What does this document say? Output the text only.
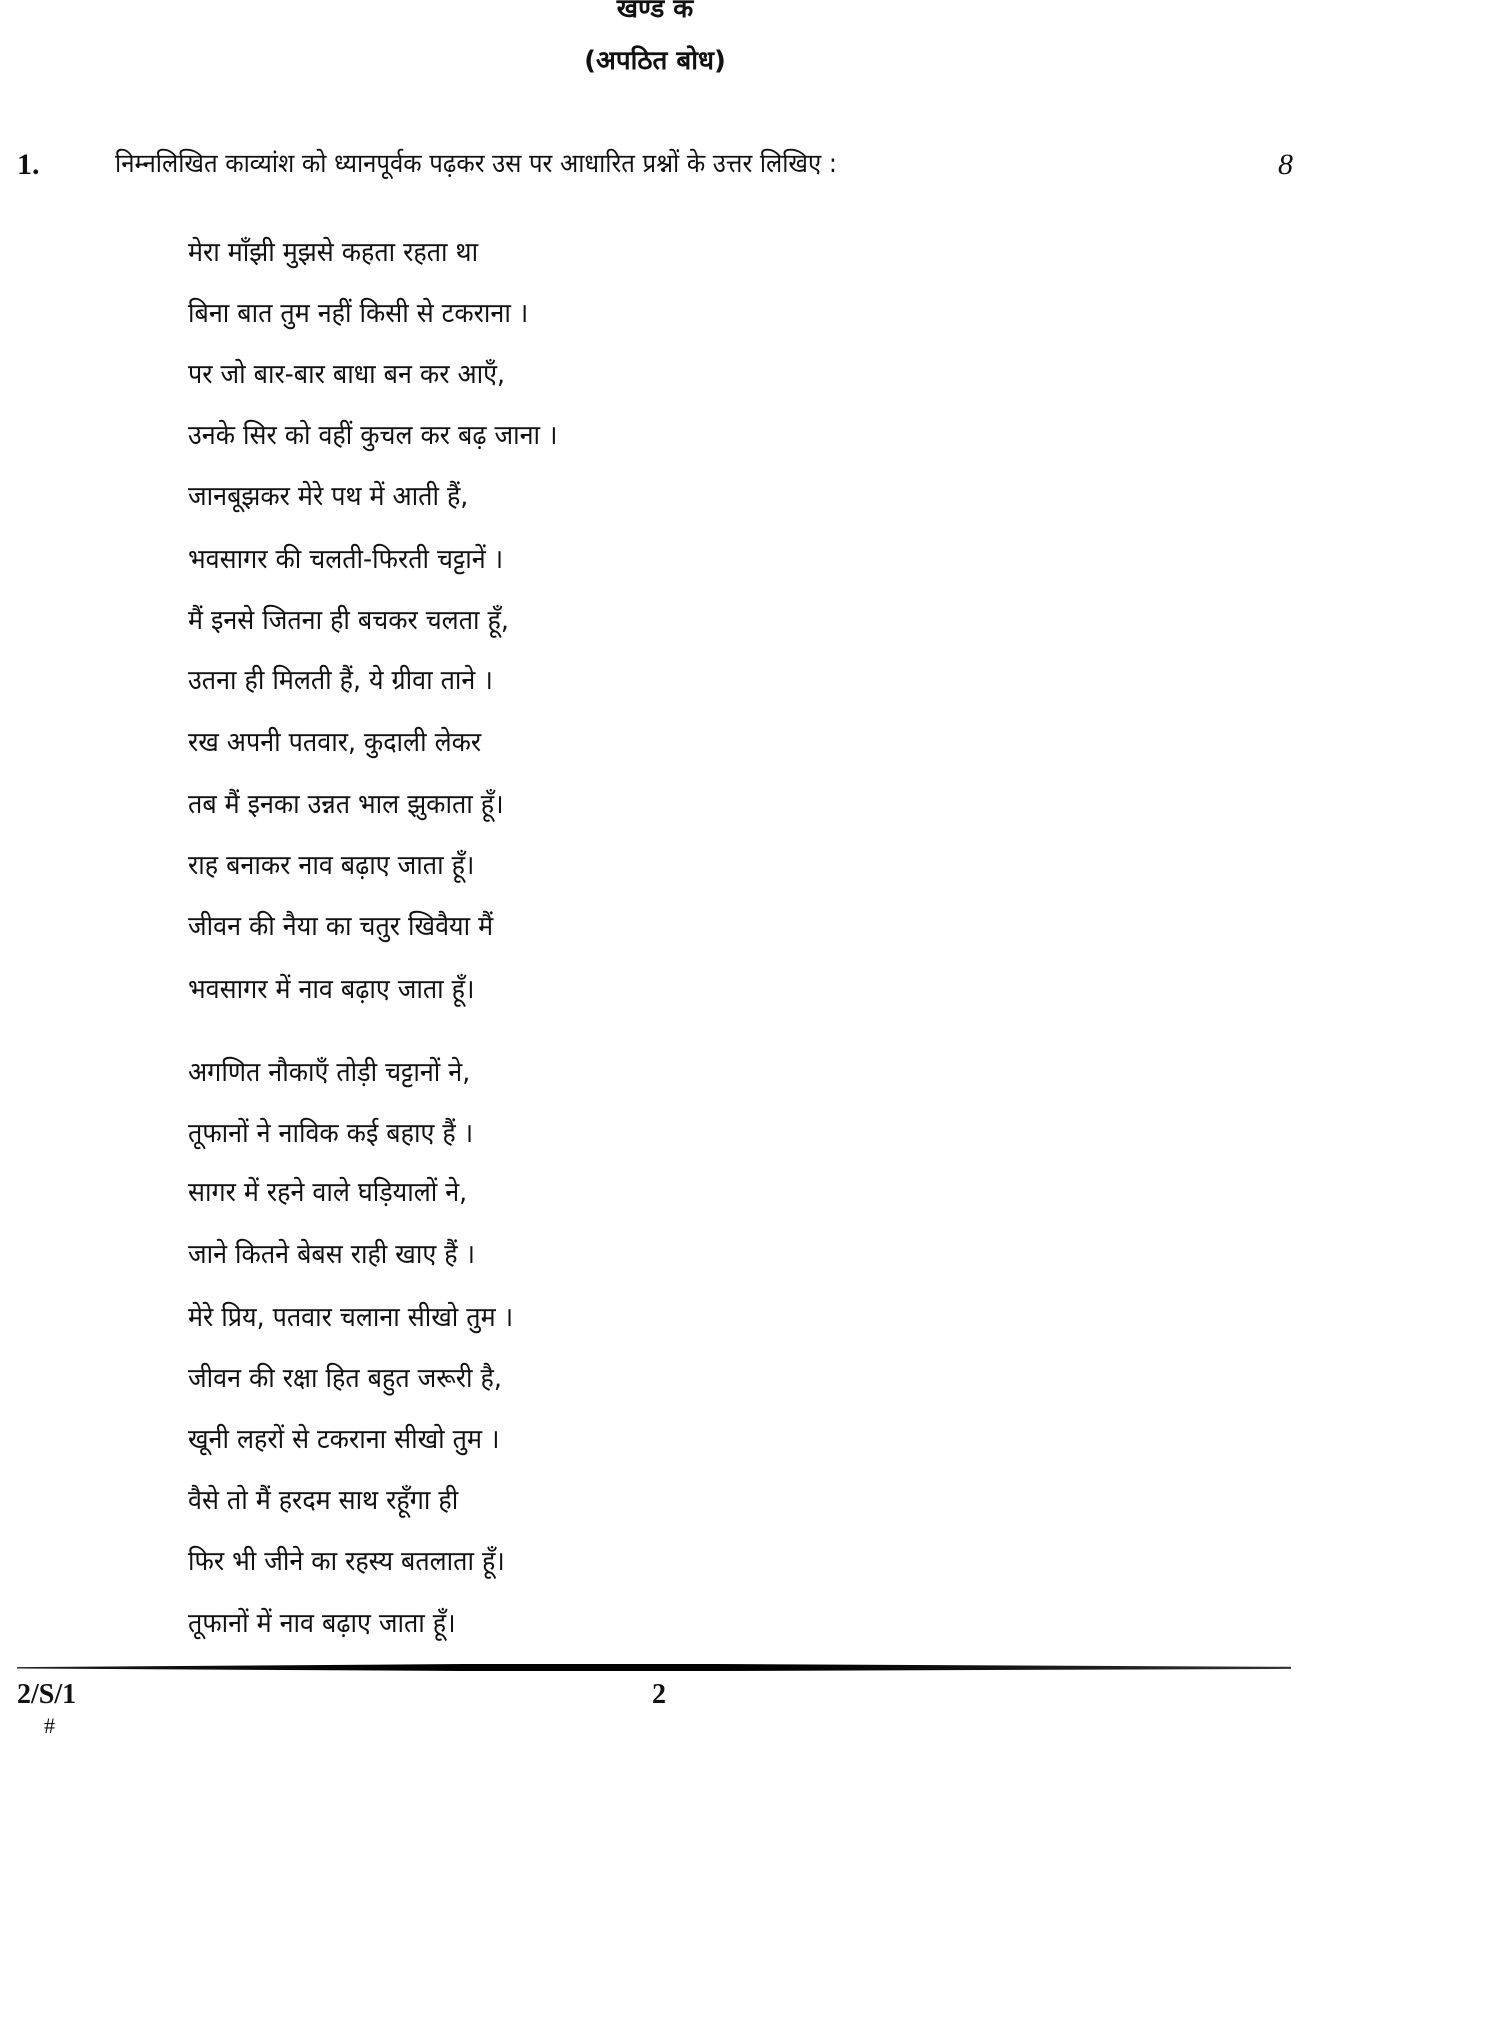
खण्ड क
(अपठित बोध)
1.	निम्नलिखित काव्यांश को ध्यानपूर्वक पढ़कर उस पर आधारित प्रश्नों के उत्तर लिखिए :	8
मेरा माँझी मुझसे कहता रहता था
बिना बात तुम नहीं किसी से टकराना ।
पर जो बार-बार बाधा बन कर आएँ,
उनके सिर को वहीं कुचल कर बढ़ जाना ।
जानबूझकर मेरे पथ में आती हैं,
भवसागर की चलती-फिरती चट्टानें ।
मैं इनसे जितना ही बचकर चलता हूँ,
उतना ही मिलती हैं, ये ग्रीवा ताने ।
रख अपनी पतवार, कुदाली लेकर
तब मैं इनका उन्नत भाल झुकाता हूँ।
राह बनाकर नाव बढ़ाए जाता हूँ।
जीवन की नैया का चतुर खिवैया मैं
भवसागर में नाव बढ़ाए जाता हूँ।
अगणित नौकाएँ तोड़ी चट्टानों ने,
तूफानों ने नाविक कई बहाए हैं ।
सागर में रहने वाले घड़ियालों ने,
जाने कितने बेबस राही खाए हैं ।
मेरे प्रिय, पतवार चलाना सीखो तुम ।
जीवन की रक्षा हित बहुत जरूरी है,
खूनी लहरों से टकराना सीखो तुम ।
वैसे तो मैं हरदम साथ रहूँगा ही
फिर भी जीने का रहस्य बतलाता हूँ।
तूफानों में नाव बढ़ाए जाता हूँ।
2/S/1
#
2
